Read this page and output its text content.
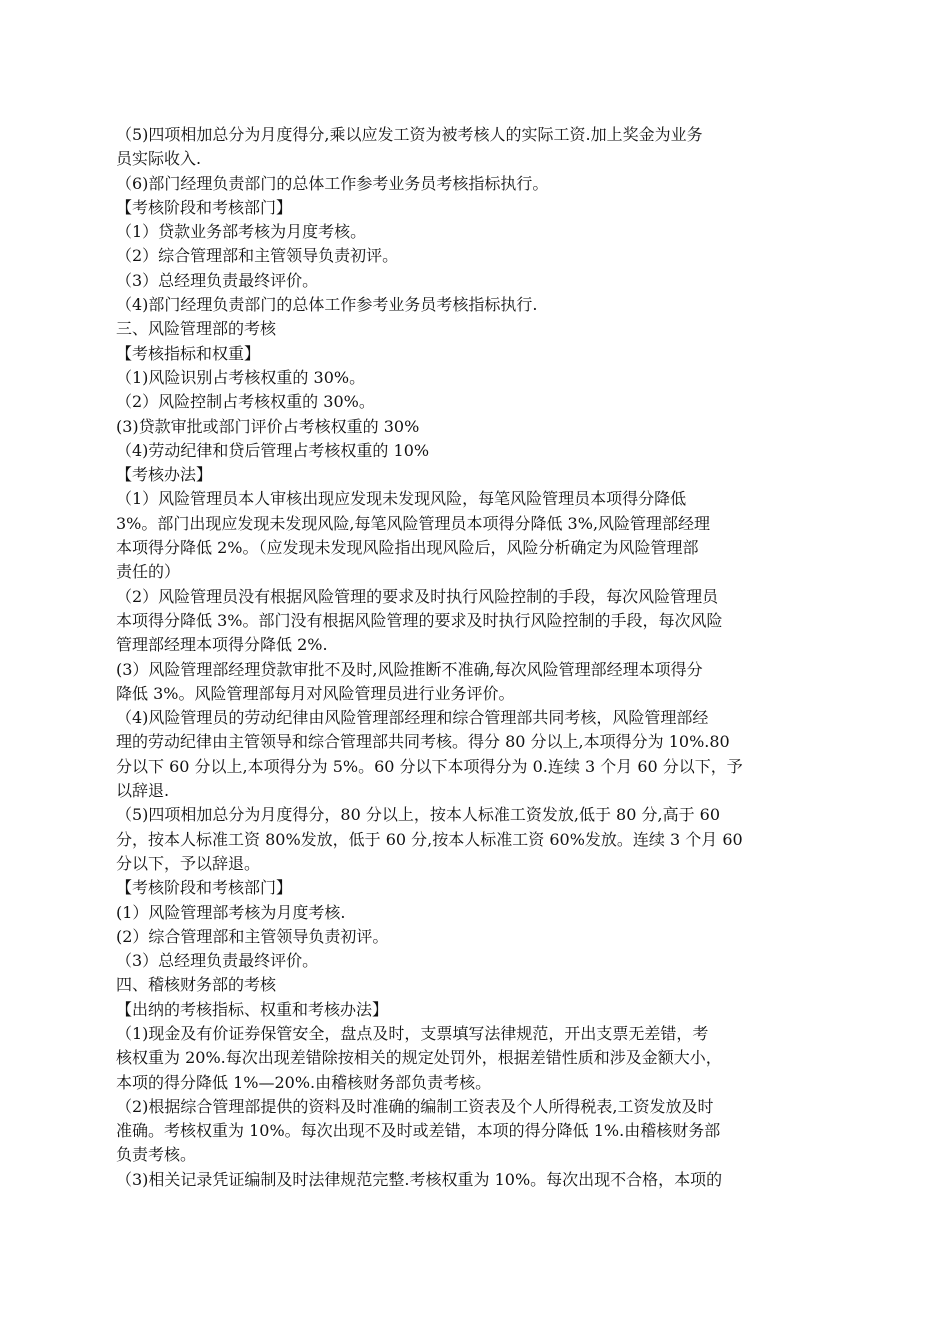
（5)四项相加总分为月度得分,乘以应发工资为被考核人的实际工资.加上奖金为业务
员实际收入.
（6)部门经理负责部门的总体工作参考业务员考核指标执行。
【考核阶段和考核部门】
（1）贷款业务部考核为月度考核。
（2）综合管理部和主管领导负责初评。
（3）总经理负责最终评价。
（4)部门经理负责部门的总体工作参考业务员考核指标执行.
三、风险管理部的考核
【考核指标和权重】
（1)风险识别占考核权重的 30%。
（2）风险控制占考核权重的 30%。
(3)贷款审批或部门评价占考核权重的 30%
（4)劳动纪律和贷后管理占考核权重的 10%
【考核办法】
（1）风险管理员本人审核出现应发现未发现风险，每笔风险管理员本项得分降低
3%。部门出现应发现未发现风险,每笔风险管理员本项得分降低 3%,风险管理部经理
本项得分降低 2%。（应发现未发现风险指出现风险后，风险分析确定为风险管理部
责任的）
（2）风险管理员没有根据风险管理的要求及时执行风险控制的手段，每次风险管理员
本项得分降低 3%。部门没有根据风险管理的要求及时执行风险控制的手段，每次风险
管理部经理本项得分降低 2%.
(3）风险管理部经理贷款审批不及时,风险推断不准确,每次风险管理部经理本项得分
降低 3%。风险管理部每月对风险管理员进行业务评价。
（4)风险管理员的劳动纪律由风险管理部经理和综合管理部共同考核，风险管理部经
理的劳动纪律由主管领导和综合管理部共同考核。得分 80 分以上,本项得分为 10%.80
分以下 60 分以上,本项得分为 5%。60 分以下本项得分为 0.连续 3 个月 60 分以下，予
以辞退.
（5)四项相加总分为月度得分，80 分以上，按本人标准工资发放,低于 80 分,高于 60
分，按本人标准工资 80%发放，低于 60 分,按本人标准工资 60%发放。连续 3 个月 60
分以下，予以辞退。
【考核阶段和考核部门】
(1）风险管理部考核为月度考核.
(2）综合管理部和主管领导负责初评。
（3）总经理负责最终评价。
四、稽核财务部的考核
【出纳的考核指标、权重和考核办法】
（1)现金及有价证券保管安全，盘点及时，支票填写法律规范，开出支票无差错，考
核权重为 20%.每次出现差错除按相关的规定处罚外，根据差错性质和涉及金额大小，
本项的得分降低 1%—20%.由稽核财务部负责考核。
（2)根据综合管理部提供的资料及时准确的编制工资表及个人所得税表,工资发放及时
准确。考核权重为 10%。每次出现不及时或差错，本项的得分降低 1%.由稽核财务部
负责考核。
（3)相关记录凭证编制及时法律规范完整.考核权重为 10%。每次出现不合格，本项的
